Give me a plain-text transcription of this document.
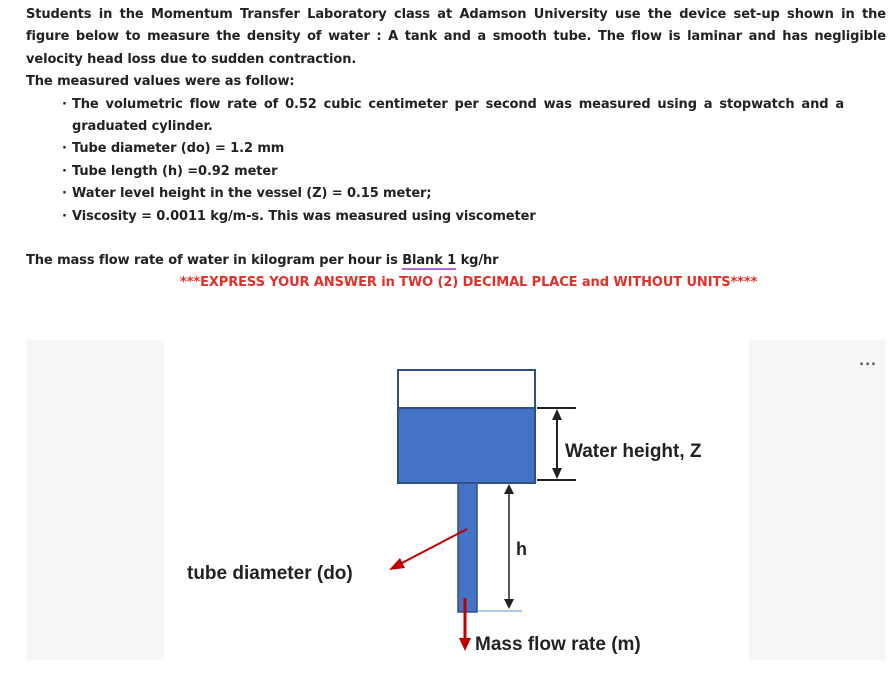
Students in the Momentum Transfer Laboratory class at Adamson University use the device set-up shown in the figure below to measure the density of water : A tank and a smooth tube. The flow is laminar and has negligible velocity head loss due to sudden contraction.

The measured values were as follow:

· The volumetric flow rate of 0.52 cubic centimeter per second was measured using a stopwatch and a graduated cylinder.
· Tube diameter (do) = 1.2 mm
· Tube length (h) =0.92 meter
· Water level height in the vessel (Z) = 0.15 meter;
· Viscosity = 0.0011 kg/m-s. This was measured using viscometer

The mass flow rate of water in kilogram per hour is Blank 1 kg/hr

***EXPRESS YOUR ANSWER in TWO (2) DECIMAL PLACE and WITHOUT UNITS****

...
Water height, Z
h
tube diameter (do)
Mass flow rate (m)
